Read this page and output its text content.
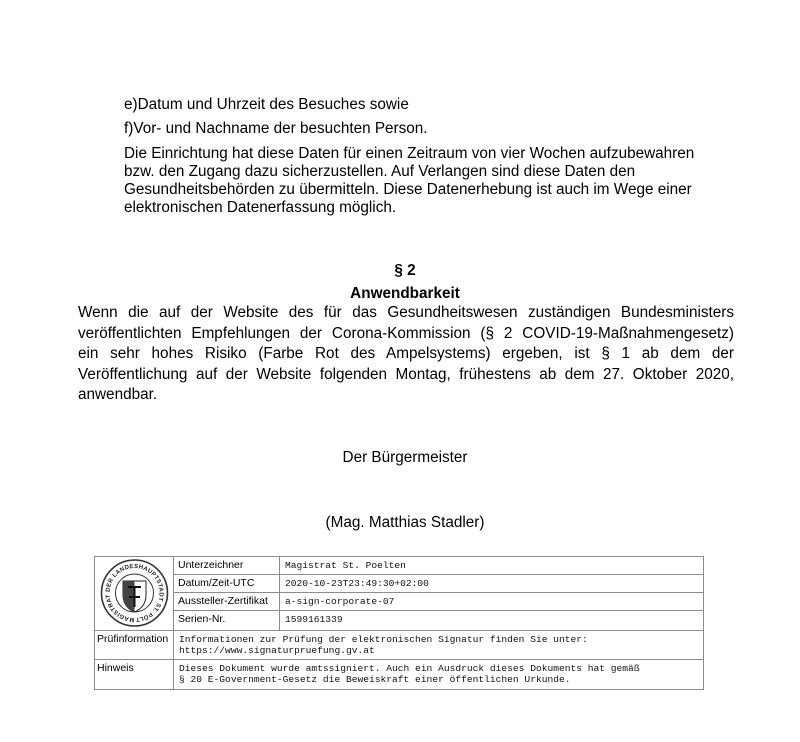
e)Datum und Uhrzeit des Besuches sowie
f)Vor- und Nachname der besuchten Person.
Die Einrichtung hat diese Daten für einen Zeitraum von vier Wochen aufzubewahren
bzw. den Zugang dazu sicherzustellen. Auf Verlangen sind diese Daten den
Gesundheitsbehörden zu übermitteln. Diese Datenerhebung ist auch im Wege einer
elektronischen Datenerfassung möglich.
§ 2
Anwendbarkeit
Wenn die auf der Website des für das Gesundheitswesen zuständigen Bundesministers
veröffentlichten Empfehlungen der Corona-Kommission (§ 2 COVID-19-Maßnahmengesetz)
ein sehr hohes Risiko (Farbe Rot des Ampelsystems) ergeben, ist § 1 ab dem der
Veröffentlichung auf der Website folgenden Montag, frühestens ab dem 27. Oktober 2020,
anwendbar.
Der Bürgermeister
(Mag. Matthias Stadler)
MAGISTRAT DER LANDESHAUPTSTADT ST. PÖLT
Unterzeichner	Magistrat St. Poelten
Datum/Zeit-UTC	2020-10-23T23:49:30+02:00
Aussteller-Zertifikat	a-sign-corporate-07
Serien-Nr.	1599161339
Prüfinformation	Informationen zur Prüfung der elektronischen Signatur finden Sie unter:
https://www.signaturpruefung.gv.at
Hinweis	Dieses Dokument wurde amtssigniert. Auch ein Ausdruck dieses Dokuments hat gemäß
§ 20 E-Government-Gesetz die Beweiskraft einer öffentlichen Urkunde.
